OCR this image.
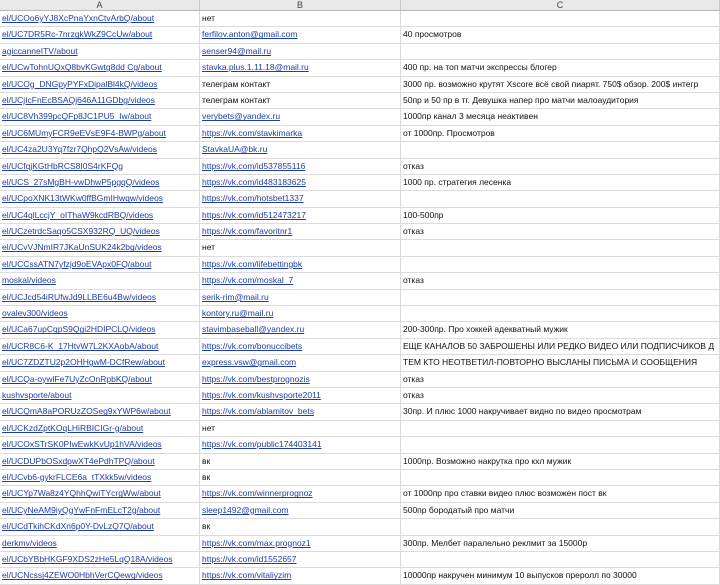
A	B	C
el/UCOo6yYJ8XcPnaYxnCtvArbQ/about	нет
el/UC7DR5Rc-7nrzgkWkZ9CcUw/about	ferfilov.anton@gmail.com	40 просмотров
agiccanneITV/about	senser94@mail.ru
el/UCwTohnUQxQ8bvKGwtg8dd Cg/about	stavka.plus.1.11.18@mail.ru	400 пр. на топ матчи экспрессы блогер
el/UCOg_DNGpyPYFxDipalBl4kQ/videos	телеграм контакт	3000 пр. возможно крутят Xscore всё свой пиарят. 750$ обзор. 200$ интегр
el/UCjIcFnEcBSAQj646A11GDbg/videos	телеграм контакт	50пр и 50 пр в тг. Девушка напер про матчи малоаудитория
el/UC8Vh399pcQFp8JC1PU5_Iw/about	verybets@yandex.ru	1000пр канал 3 месяца неактивен
el/UC6MUmyFCR9eEVsE9F4-BWPg/about	https://vk.com/stavkimarka	от 1000пр. Просмотров
el/UC4za2U3Yq7fzr7QhpQ2VsAw/videos	StavkaUA@bk.ru
el/UCfqjKGtHbRCS8I0S4rKFQg	https://vk.com/id537855116	отказ
el/UCS_27sMgBH-vwDhwP5pgqQ/videos	https://vk.com/id483183625	1000 пр. стратегия лесенка
el/UCpoXNK13tWKw0ffBGmIHwqw/videos	https://vk.com/hotsbet1337
el/UC4qlLccjY_oIThaW9kcdRBQ/videos	https://vk.com/id512473217	100-500пр
el/UCzetrdcSaqo5CSX932RQ_UQ/videos	https://vk.com/favoritnr1	отказ
el/UCvVJNmIR7JKaUnSUK24k2bg/videos	нет
el/UCCssATN7yfzjd9oEVApx0FQ/about	https://vk.com/lifebettingbk
moskal/videos	https://vk.com/moskal_7	отказ
el/UCJcd54iRUfwJd9LLBE6u4Bw/videos	serik-rim@mail.ru
ovalev300/videos	kontory.ru@mail.ru
el/UCa67upCqpS9Qgi2HDIPCLQ/videos	stavimbaseball@yandex.ru	200-300пр. Про хоккей адекватный мужик
el/UCR8C6-K_17HtvW7L2KXAobA/about	https://vk.com/bonuccibets	ЕЩЕ КАНАЛОВ 50 ЗАБРОШЕНЫ ИЛИ РЕДКО ВИДЕО ИЛИ ПОДПИСЧИКОВ Д
el/UC7ZDZTU2p2OHHgwM-DCfRew/about	express.vsw@gmail.com	ТЕМ КТО НЕОТВЕТИЛ-ПОВТОРНО ВЫСЛАНЫ ПИСЬМА И СООБЩЕНИЯ
el/UCQa-oywlFe7UyZcOnRpbKQ/about	https://vk.com/bestprognozis	отказ
kushvsporte/about	https://vk.com/kushvsporte2011	отказ
el/UCQmA8aPORUzZOSeg9xYWP6w/about	https://vk.com/ablamitov_bets	30пр. И плюс 1000 накручивает видно по видео просмотрам
el/UCKzdZptKOqLHiRBICIGr-g/about	нет
el/UCOxSTrSK0PIwEwkKvUp1hVA/videos	https://vk.com/public174403141
el/UCDUPbOSxdpwXT4ePdhTPQ/about	вк	1000пр. Возможно накрутка про кхл мужик
el/UCvb6-gykrFLCE6a_tTXkk5w/videos	вк
el/UCYp7Wa8z4YQhhQwiTYcrgWw/about	https://vk.com/winnerprognoz	от 1000пр про ставки видео плюс возможен пост вк
el/UCyNeAM9iyQgYwFnFmELcT2g/about	sleep1492@gmail.com	500пр бородатый про матчи
el/UCdTkihCKdXn6p0Y-DvLzQ7Q/about	вк
derkmv/videos	https://vk.com/max.prognoz1	300пр. Мелбет паралельно реклмит за 15000р
el/UCbYBbHKGF9XDS2zHe5LqQ18A/videos	https://vk.com/id1552657
el/UCNcssj4ZEWO0HbhVerCQewg/videos	https://vk.com/vitaliyzim	10000пр накручен минимум 10 выпусков преролл по 30000
